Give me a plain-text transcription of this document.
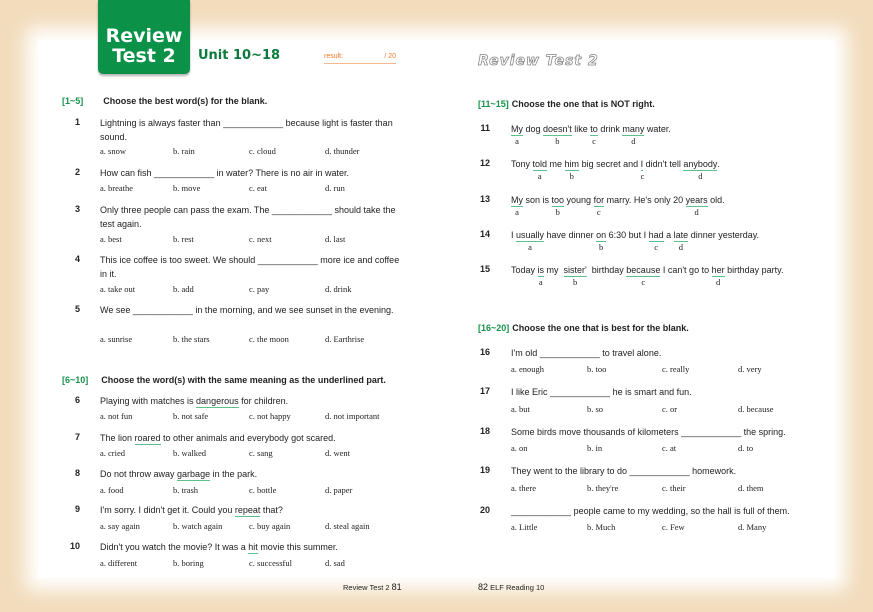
Review
Test 2	Unit 10~18	result:	/ 20	Review Test 2
[1~5] Choose the best word(s) for the blank.
[6~10] Choose the word(s) with the same meaning as the underlined part.
[11~15] Choose the one that is NOT right.
[16~20] Choose the one that is best for the blank.
1 Lightning is always faster than ____________ because light is faster than sound.
a. snow	b. rain	c. cloud	d. thunder
2 How can fish ____________ in water? There is no air in water.
a. breathe	b. move	c. eat	d. run
3 Only three people can pass the exam. The ____________ should take the test again.
a. best	b. rest	c. next	d. last
4 This ice coffee is too sweet. We should ____________ more ice and coffee in it.
a. take out	b. add	c. pay	d. drink
5 We see ____________ in the morning, and we see sunset in the evening.
a. sunrise	b. the stars	c. the moon	d. Earthrise
6 Playing with matches is dangerous for children.
a. not fun	b. not safe	c. not happy	d. not important
7 The lion roared to other animals and everybody got scared.
a. cried	b. walked	c. sang	d. went
8 Do not throw away garbage in the park.
a. food	b. trash	c. bottle	d. paper
9 I'm sorry. I didn't get it. Could you repeat that?
a. say again	b. watch again	c. buy again	d. steal again
10 Didn't you watch the movie? It was a hit movie this summer.
a. different	b. boring	c. successful	d. sad
11 My
a
dog doesn't
b
like to
c
drink many
d
water.
12 Tony told
a
me him
b
big secret and I
c
didn't tell anybody
d
.
13 My
a
son is too
b
young for
c
marry. He's only 20 years
d
old.
14 I usually
a
have dinner on
b
6:30 but I had
c
a late
d
dinner yesterday.
15 Today is
a
my  sister'
b
birthday because
c
I can't go to her
d
birthday party.
16 I'm old ____________ to travel alone.
a. enough	b. too	c. really	d. very
17 I like Eric ____________ he is smart and fun.
a. but	b. so	c. or	d. because
18 Some birds move thousands of kilometers ____________ the spring.
a. on	b. in	c. at	d. to
19 They went to the library to do ____________ homework.
a. there	b. they're	c. their	d. them
20 ____________ people came to my wedding, so the hall is full of them.
a. Little	b. Much	c. Few	d. Many
Review Test 2 81	82 ELF Reading 10
